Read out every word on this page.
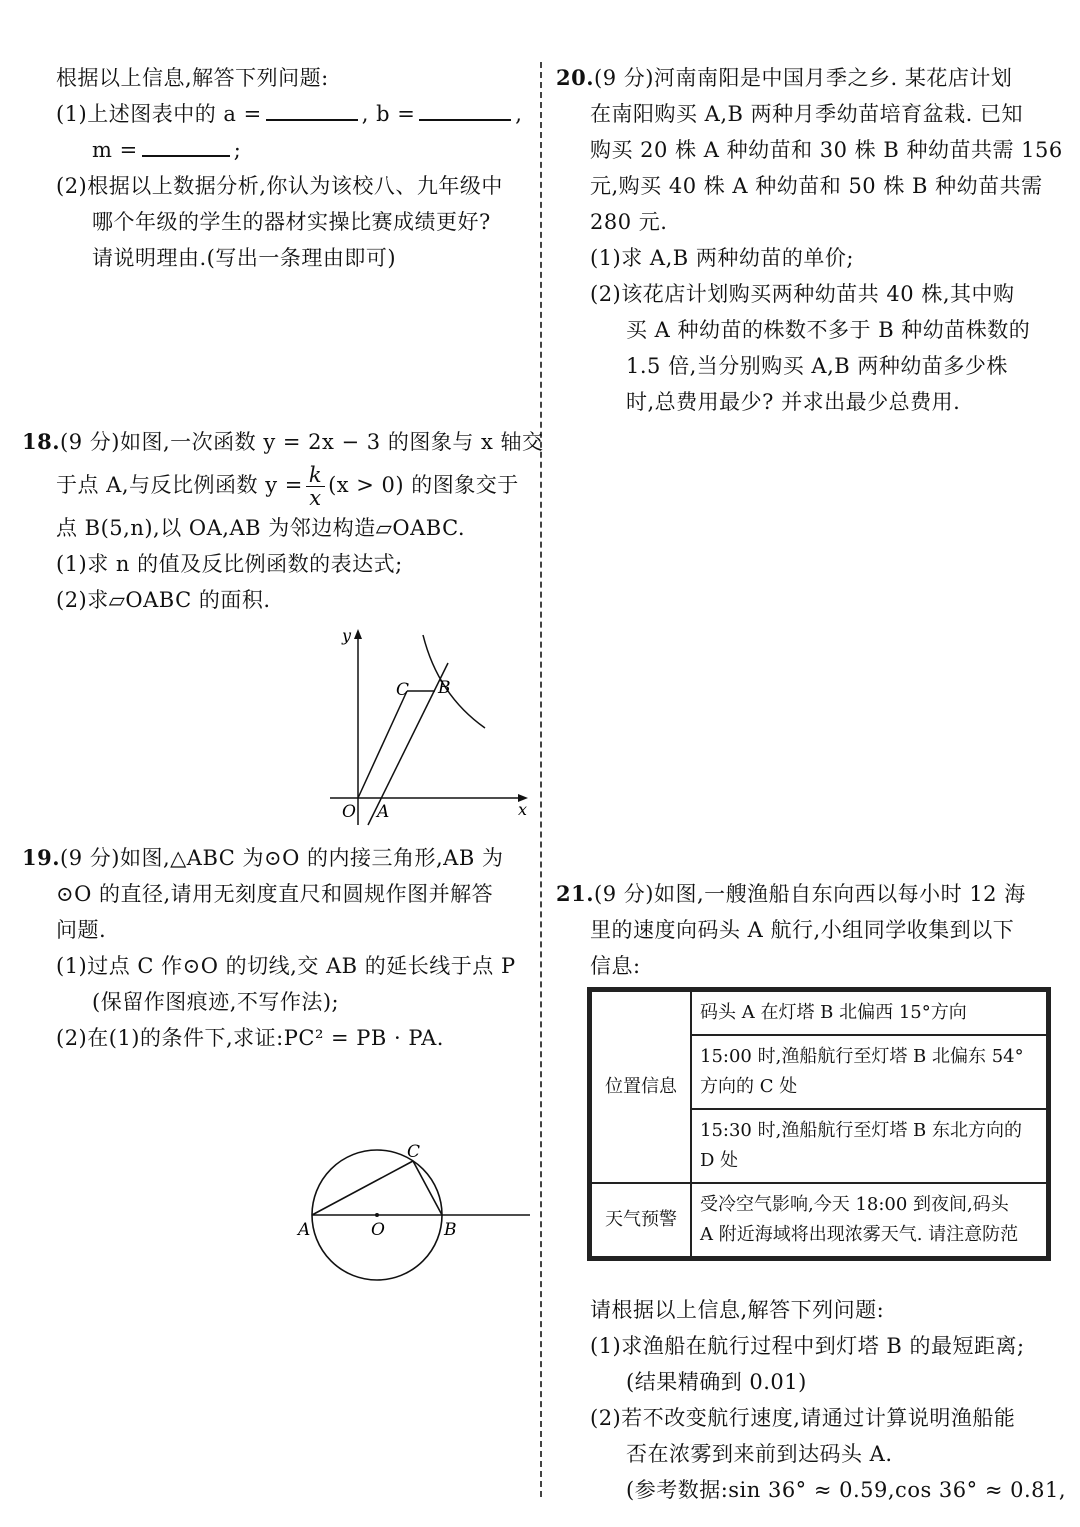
根据以上信息,解答下列问题:
(1)上述图表中的 a =	, b =	,
m =	;
(2)根据以上数据分析,你认为该校八、九年级中
哪个年级的学生的器材实操比赛成绩更好?
请说明理由.(写出一条理由即可)
18.(9 分)如图,一次函数 y = 2x − 3 的图象与 x 轴交
于点 A,与反比例函数 $y = \frac{k}{x} (x > 0)$ 的图象交于
点 B(5,n),以 OA,AB 为邻边构造▱OABC.
(1)求 n 的值及反比例函数的表达式;
(2)求▱OABC 的面积.
y
x
O A
C B
19.(9 分)如图,△ABC 为⊙O 的内接三角形,AB 为
⊙O 的直径,请用无刻度直尺和圆规作图并解答
问题.
(1)过点 C 作⊙O 的切线,交 AB 的延长线于点 P
(保留作图痕迹,不写作法);
(2)在(1)的条件下,求证:PC² = PB · PA.
A	O	B
C
20.(9 分)河南南阳是中国月季之乡. 某花店计划
在南阳购买 A,B 两种月季幼苗培育盆栽. 已知
购买 20 株 A 种幼苗和 30 株 B 种幼苗共需 156
元,购买 40 株 A 种幼苗和 50 株 B 种幼苗共需
280 元.
(1)求 A,B 两种幼苗的单价;
(2)该花店计划购买两种幼苗共 40 株,其中购
买 A 种幼苗的株数不多于 B 种幼苗株数的
1.5 倍,当分别购买 A,B 两种幼苗多少株
时,总费用最少? 并求出最少总费用.
21.(9 分)如图,一艘渔船自东向西以每小时 12 海
里的速度向码头 A 航行,小组同学收集到以下
信息:
位置信息	码头 A 在灯塔 B 北偏西 15°方向

	15:00 时,渔船航行至灯塔 B 北偏东 54°
方向的 C 处

	15:30 时,渔船航行至灯塔 B 东北方向的
D 处

天气预警	受冷空气影响,今天 18:00 到夜间,码头
A 附近海域将出现浓雾天气. 请注意防范
请根据以上信息,解答下列问题:
(1)求渔船在航行过程中到灯塔 B 的最短距离;
(结果精确到 0.01)
(2)若不改变航行速度,请通过计算说明渔船能
否在浓雾到来前到达码头 A.
(参考数据:sin 36° ≈ 0.59,cos 36° ≈ 0.81,
